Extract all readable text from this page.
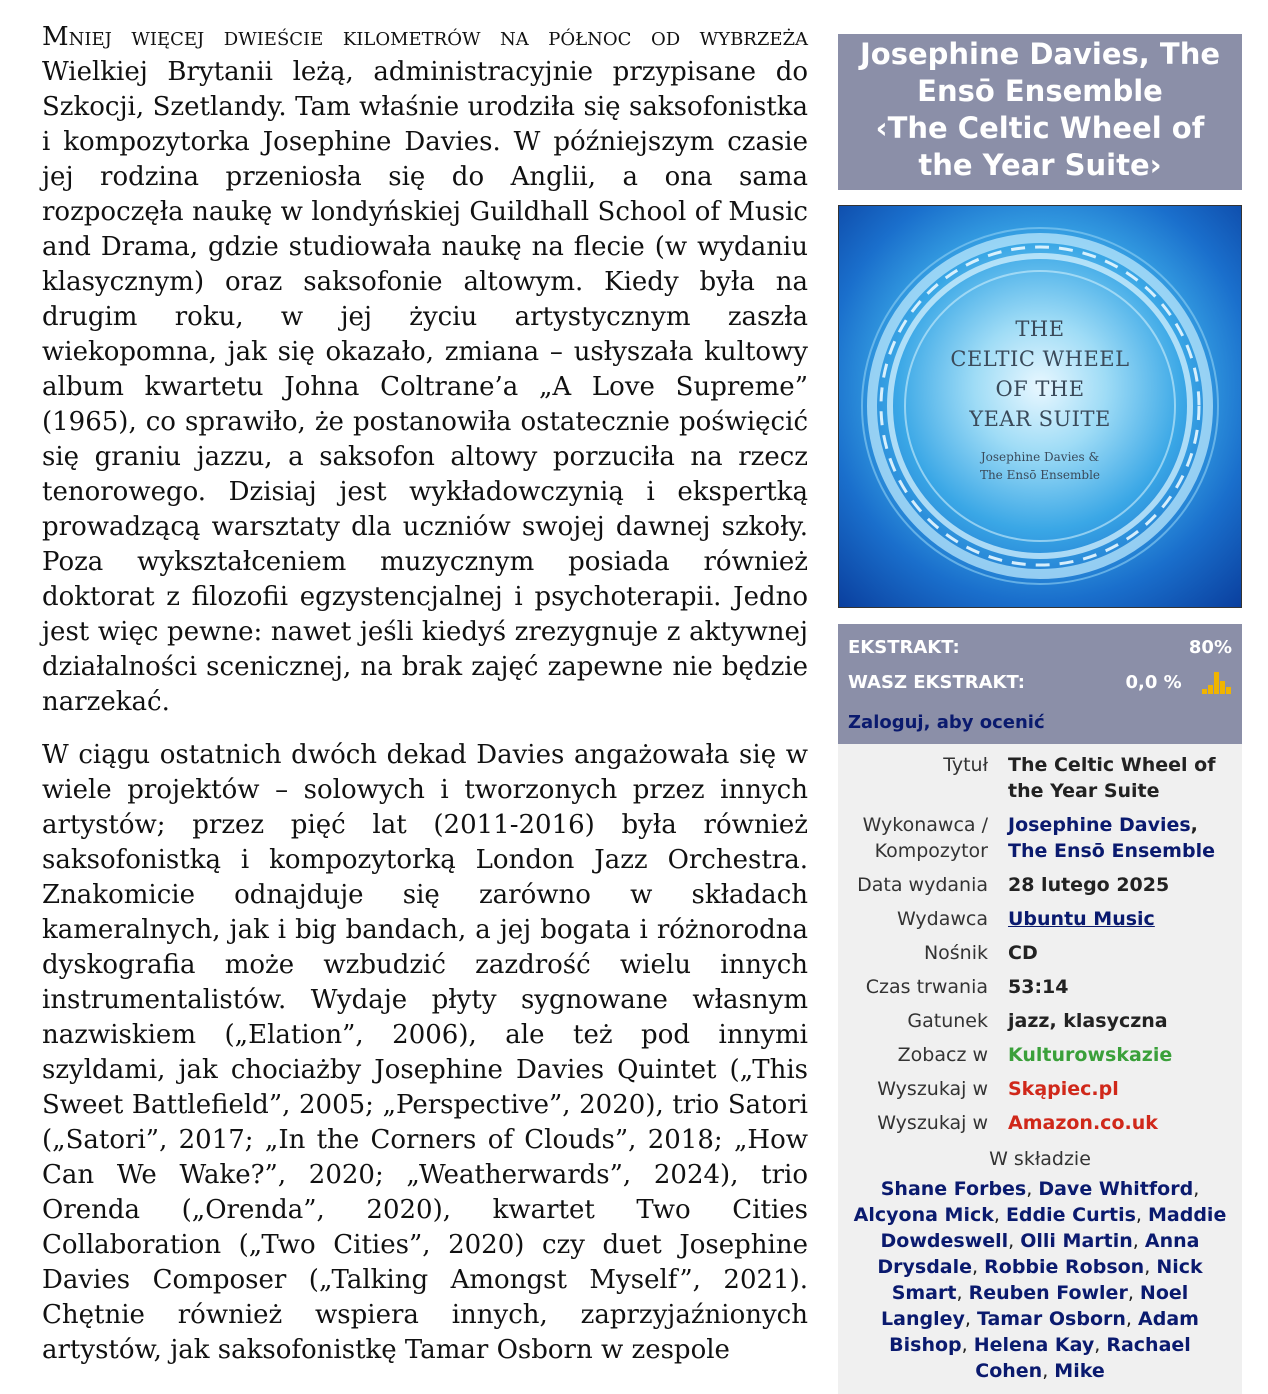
Mniej więcej dwieście kilometrów na północ od wybrzeża Wielkiej Brytanii leżą, administracyjnie przypisane do Szkocji, Szetlandy. Tam właśnie urodziła się saksofonistka i kompozytorka Josephine Davies. W późniejszym czasie jej rodzina przeniosła się do Anglii, a ona sama rozpoczęła naukę w londyńskiej Guildhall School of Music and Drama, gdzie studiowała naukę na flecie (w wydaniu klasycznym) oraz saksofonie altowym. Kiedy była na drugim roku, w jej życiu artystycznym zaszła wiekopomna, jak się okazało, zmiana – usłyszała kultowy album kwartetu Johna Coltrane’a „A Love Supreme” (1965), co sprawiło, że postanowiła ostatecznie poświęcić się graniu jazzu, a saksofon altowy porzuciła na rzecz tenorowego. Dzisiaj jest wykładowczynią i ekspertką prowadzącą warsztaty dla uczniów swojej dawnej szkoły. Poza wykształceniem muzycznym posiada również doktorat z filozofii egzystencjalnej i psychoterapii. Jedno jest więc pewne: nawet jeśli kiedyś zrezygnuje z aktywnej działalności scenicznej, na brak zajęć zapewne nie będzie narzekać.

W ciągu ostatnich dwóch dekad Davies angażowała się w wiele projektów – solowych i tworzonych przez innych artystów; przez pięć lat (2011-2016) była również saksofonistką i kompozytorką London Jazz Orchestra. Znakomicie odnajduje się zarówno w składach kameralnych, jak i big bandach, a jej bogata i różnorodna dyskografia może wzbudzić zazdrość wielu innych instrumentalistów. Wydaje płyty sygnowane własnym nazwiskiem („Elation”, 2006), ale też pod innymi szyldami, jak chociażby Josephine Davies Quintet („This Sweet Battlefield”, 2005; „Perspective”, 2020), trio Satori („Satori”, 2017; „In the Corners of Clouds”, 2018; „How Can We Wake?”, 2020; „Weatherwards”, 2024), trio Orenda („Orenda”, 2020), kwartet Two Cities Collaboration („Two Cities”, 2020) czy duet Josephine Davies Composer („Talking Amongst Myself”, 2021). Chętnie również wspiera innych, zaprzyjaźnionych artystów, jak saksofonistkę Tamar Osborn w zespole

Josephine Davies, The Ensō Ensemble
‹The Celtic Wheel of the Year Suite›
THE
CELTIC WHEEL
OF THE
YEAR SUITE
Josephine Davies &
The Ensō Ensemble
EKSTRAKT:	80%
WASZ EKSTRAKT:	0,0 %
Zaloguj, aby ocenić
Tytuł	The Celtic Wheel of the Year Suite
Wykonawca / Kompozytor	Josephine Davies,
The Ensō Ensemble
Data wydania	28 lutego 2025
Wydawca	Ubuntu Music
Nośnik	CD
Czas trwania	53:14
Gatunek	jazz, klasyczna
Zobacz w	Kulturowskazie
Wyszukaj w	Skąpiec.pl
Wyszukaj w	Amazon.co.uk
W składzie
Shane Forbes, Dave Whitford, Alcyona Mick, Eddie Curtis, Maddie Dowdeswell, Olli Martin, Anna Drysdale, Robbie Robson, Nick Smart, Reuben Fowler, Noel Langley, Tamar Osborn, Adam Bishop, Helena Kay, Rachael Cohen, Mike
